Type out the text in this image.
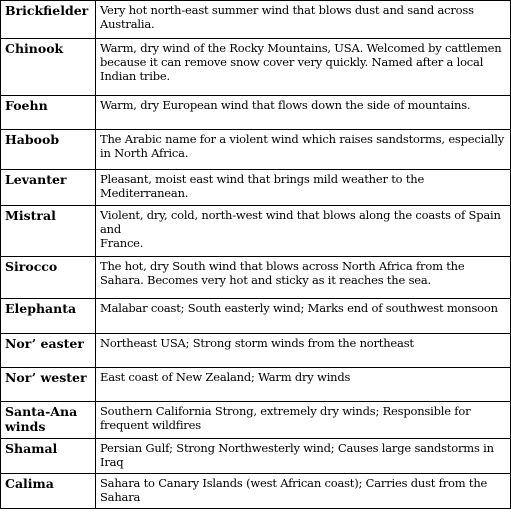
Brickfielder	Very hot north-east summer wind that blows dust and sand across Australia.
Chinook	Warm, dry wind of the Rocky Mountains, USA. Welcomed by cattlemen because it can remove snow cover very quickly. Named after a local Indian tribe.
Foehn	Warm, dry European wind that flows down the side of mountains.
Haboob	The Arabic name for a violent wind which raises sandstorms, especially in North Africa.
Levanter	Pleasant, moist east wind that brings mild weather to the Mediterranean.
Mistral	Violent, dry, cold, north-west wind that blows along the coasts of Spain and
France.
Sirocco	The hot, dry South wind that blows across North Africa from the Sahara. Becomes very hot and sticky as it reaches the sea.
Elephanta	Malabar coast; South easterly wind; Marks end of southwest monsoon
Nor’ easter	Northeast USA; Strong storm winds from the northeast
Nor’ wester	East coast of New Zealand; Warm dry winds
Santa-Ana winds	Southern California Strong, extremely dry winds; Responsible for frequent wildfires
Shamal	Persian Gulf; Strong Northwesterly wind; Causes large sandstorms in Iraq
Calima	Sahara to Canary Islands (west African coast); Carries dust from the Sahara
